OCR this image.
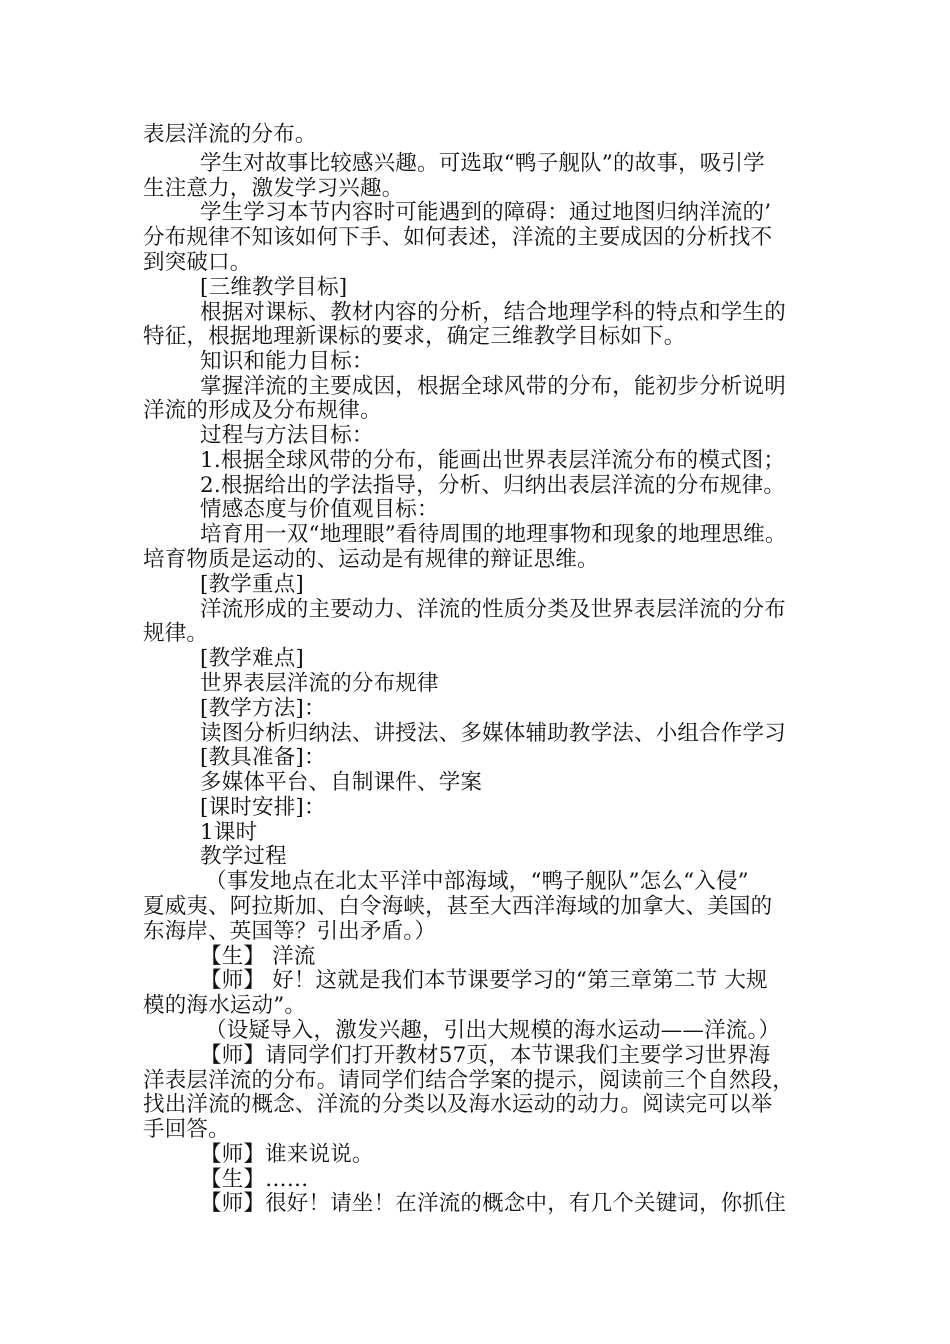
表层洋流的分布。
学生对故事比较感兴趣。可选取“鸭子舰队”的故事，吸引学
生注意力，激发学习兴趣。
学生学习本节内容时可能遇到的障碍：通过地图归纳洋流的’
分布规律不知该如何下手、如何表述，洋流的主要成因的分析找不
到突破口。
[三维教学目标]
根据对课标、教材内容的分析，结合地理学科的特点和学生的
特征，根据地理新课标的要求，确定三维教学目标如下。
知识和能力目标：
掌握洋流的主要成因，根据全球风带的分布，能初步分析说明
洋流的形成及分布规律。
过程与方法目标：
1.根据全球风带的分布，能画出世界表层洋流分布的模式图；
2.根据给出的学法指导，分析、归纳出表层洋流的分布规律。
情感态度与价值观目标：
培育用一双“地理眼”看待周围的地理事物和现象的地理思维。
培育物质是运动的、运动是有规律的辩证思维。
[教学重点]
洋流形成的主要动力、洋流的性质分类及世界表层洋流的分布
规律。
[教学难点]
世界表层洋流的分布规律
[教学方法]：
读图分析归纳法、讲授法、多媒体辅助教学法、小组合作学习
[教具准备]：
多媒体平台、自制课件、学案
[课时安排]：
1课时
教学过程
（事发地点在北太平洋中部海域，“鸭子舰队”怎么“入侵”
夏威夷、阿拉斯加、白令海峡，甚至大西洋海域的加拿大、美国的
东海岸、英国等？引出矛盾。）
【生】 洋流
【师】 好！这就是我们本节课要学习的“第三章第二节 大规
模的海水运动”。
（设疑导入，激发兴趣，引出大规模的海水运动——洋流。）
【师】请同学们打开教材57页，本节课我们主要学习世界海
洋表层洋流的分布。请同学们结合学案的提示，阅读前三个自然段，
找出洋流的概念、洋流的分类以及海水运动的动力。阅读完可以举
手回答。
【师】谁来说说。
【生】……
【师】很好！请坐！在洋流的概念中，有几个关键词，你抓住
